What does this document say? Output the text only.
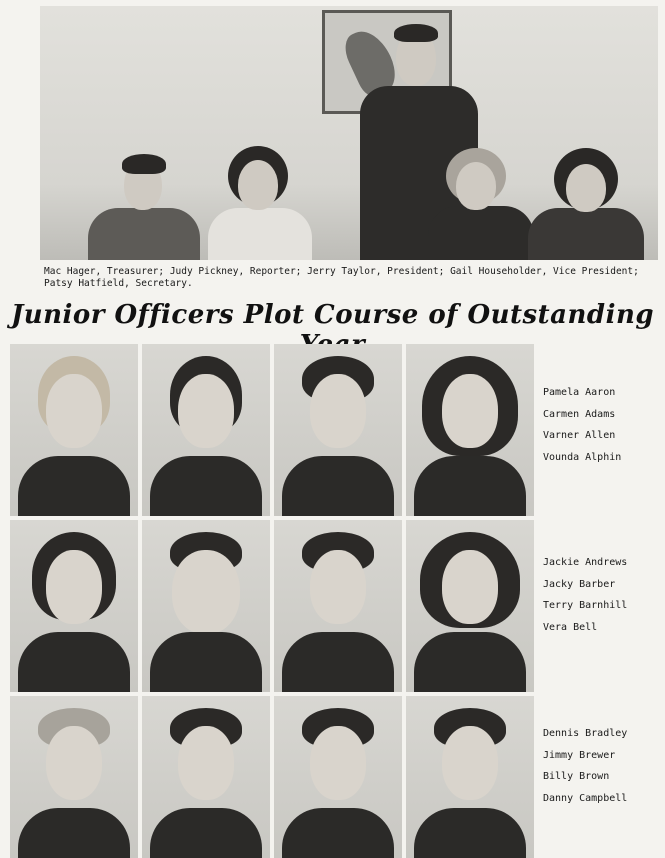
Mac Hager, Treasurer; Judy Pickney, Reporter; Jerry Taylor, President; Gail Householder, Vice President; Patsy Hatfield, Secretary.
Junior Officers Plot Course of Outstanding
Pamela Aaron
Carmen Adams
Varner Allen
Vounda Alphin
Jackie Andrews
Jacky Barber
Terry Barnhill
Vera Bell
Dennis Bradley
Jimmy Brewer
Billy Brown
Danny Campbell
